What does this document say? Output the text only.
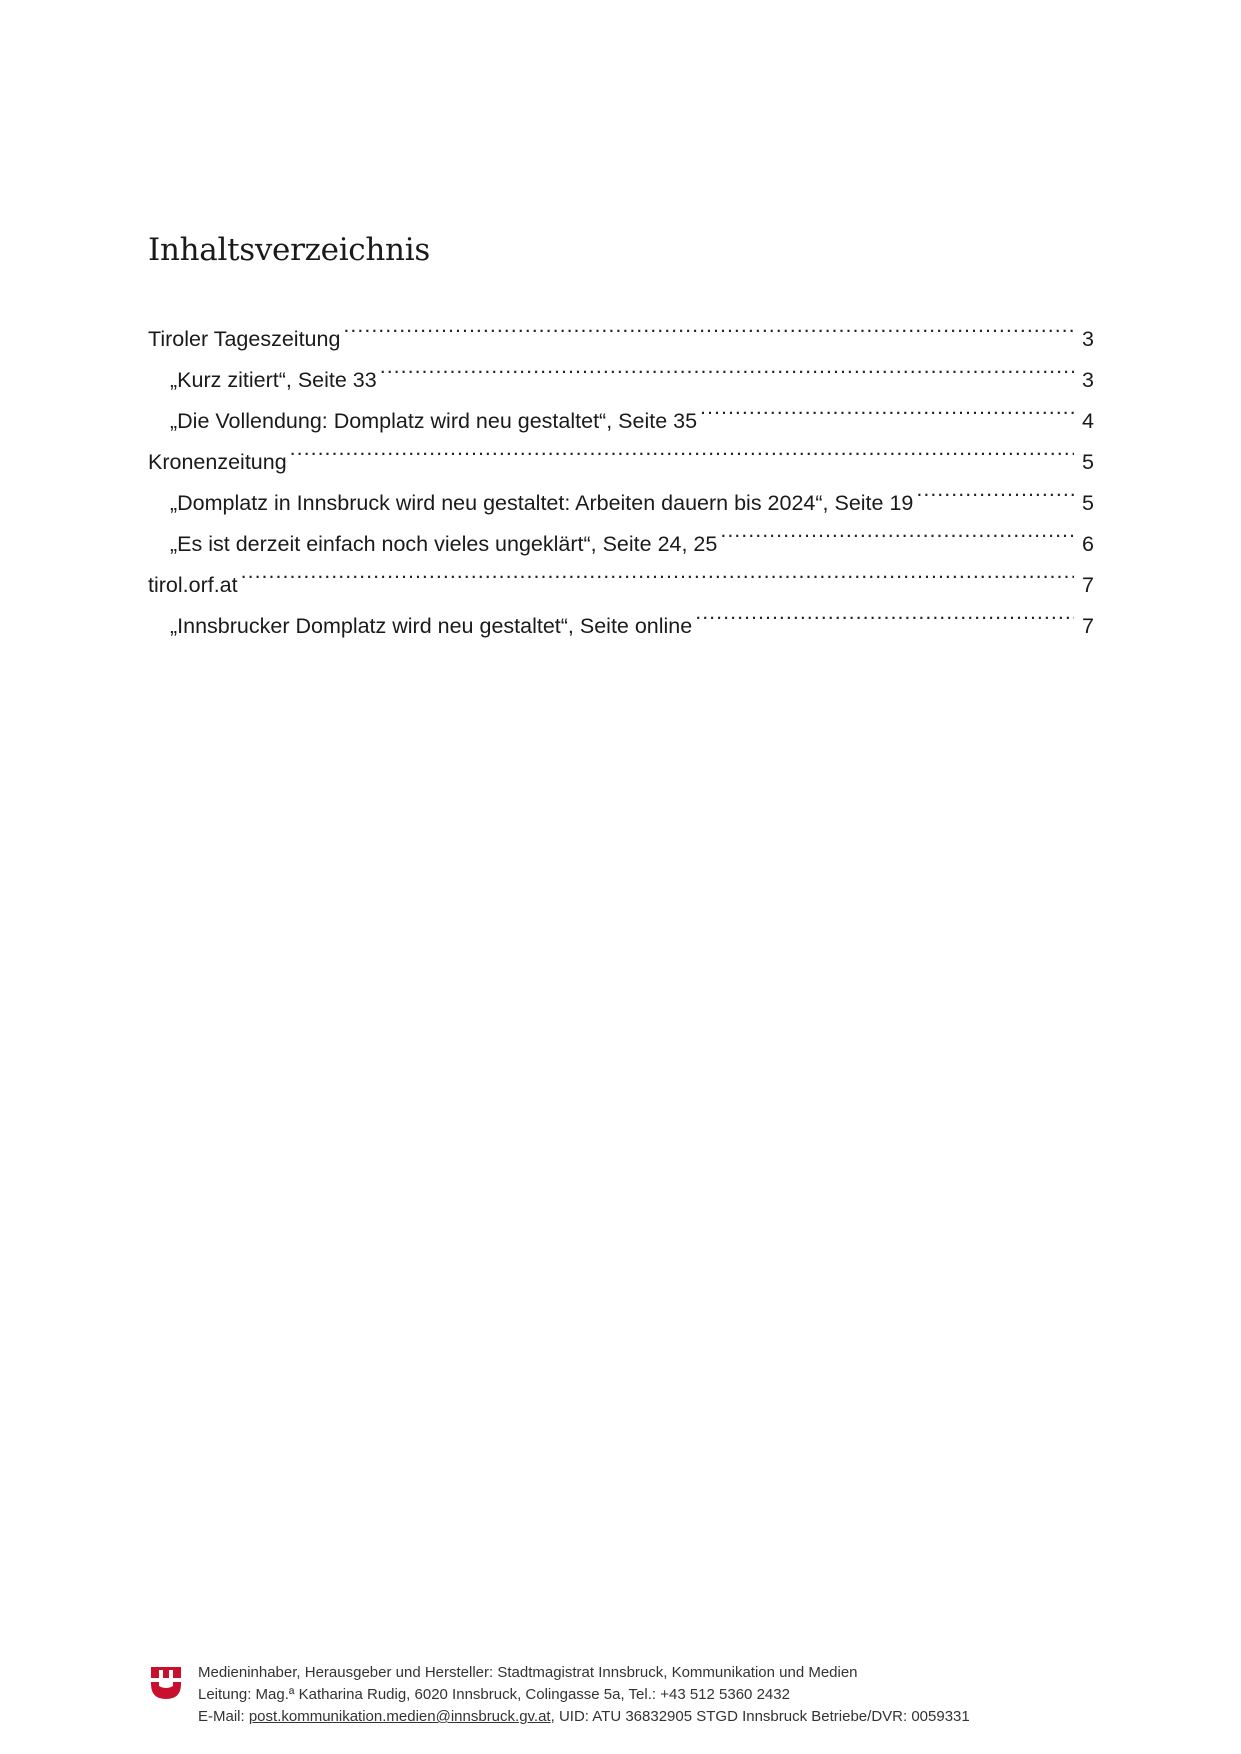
Inhaltsverzeichnis
Tiroler Tageszeitung .....	3
„Kurz zitiert“, Seite 33 .....	3
„Die Vollendung: Domplatz wird neu gestaltet“, Seite 35 .....	4
Kronenzeitung .....	5
„Domplatz in Innsbruck wird neu gestaltet: Arbeiten dauern bis 2024“, Seite 19 .....	5
„Es ist derzeit einfach noch vieles ungeklärt“, Seite 24, 25 .....	6
tirol.orf.at .....	7
„Innsbrucker Domplatz wird neu gestaltet“, Seite online .....	7
Medieninhaber, Herausgeber und Hersteller: Stadtmagistrat Innsbruck, Kommunikation und Medien
Leitung: Mag.ª Katharina Rudig, 6020 Innsbruck, Colingasse 5a, Tel.: +43 512 5360 2432
E-Mail: post.kommunikation.medien@innsbruck.gv.at, UID: ATU 36832905 STGD Innsbruck Betriebe/DVR: 0059331
